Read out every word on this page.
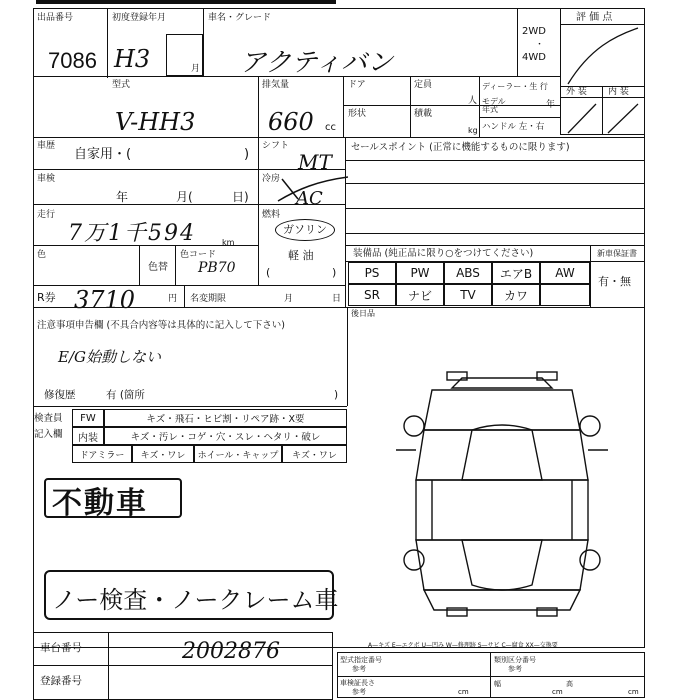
出品番号
7086
初度登録年月
H3	月
車名・グレード
アクティバン
2WD
・
4WD
評 価 点
外 装 内 装
型式
V-HH3
排気量
660 cc
ドア	定員
人
ディーラー・生 行
モデル年式	年
形状	積載
kg ハンドル 左・右
車歴
自家用・(	)
シフト
MT
車検
年	月(	日)
冷房
AC
走行
7万1千594	km
燃料
ガソリン
軽 油
(	)
色
色替
色コード
PB70
R券 3710	円 名変期限	月	日
注意事項申告欄 (不具合内容等は具体的に記入して下さい)
E/G始動しない
修復歴	有 (箇所	)
セールスポイント (正常に機能するものに限ります)
装備品 (純正品に限り○をつけてください)	新車保証書
有・無
PS	PW	ABS	エアB	AW
SR	ナビ	TV	カワ
後日品
検査員
記入欄
FW	キズ・飛石・ヒビ割・リペア跡・X要
内装	キズ・汚レ・コゲ・穴・スレ・ヘタリ・破レ
ドアミラー	キズ・ワレ	ホイール・キャップ	キズ・ワレ
不動車
ノー検査・ノークレーム車
A—キズ E—エクボ U—凹み W—修理跡 S—サビ C—腐食 XX—交換要
車台番号	2002876
登録番号
型式指定番号
参考
類別区分番号
参考
車検証長さ
参考	cm
幅
cm
高
cm
